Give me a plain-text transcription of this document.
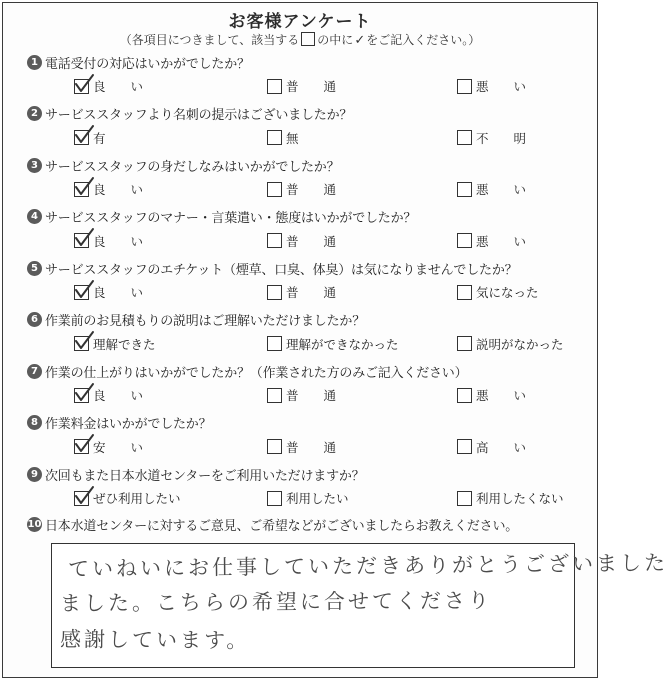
お客様アンケート
（各項目につきまして、該当する の中に✓をご記入ください。）
1 電話受付の対応はいかがでしたか？
良　　い	普　　通	悪　　い
2 サービススタッフより名刺の提示はございましたか？
有	無	不　　明
3 サービススタッフの身だしなみはいかがでしたか？
良　　い	普　　通	悪　　い
4 サービススタッフのマナー・言葉遣い・態度はいかがでしたか？
良　　い	普　　通	悪　　い
5 サービススタッフのエチケット（煙草、口臭、体臭）は気になりませんでしたか？
良　　い	普　　通	気になった
6 作業前のお見積もりの説明はご理解いただけましたか？
理解できた	理解ができなかった	説明がなかった
7 作業の仕上がりはいかがでしたか？（作業された方のみご記入ください）
良　　い	普　　通	悪　　い
8 作業料金はいかがでしたか？
安　　い	普　　通	高　　い
9 次回もまた日本水道センターをご利用いただけますか？
ぜひ利用したい	利用したい	利用したくない
10 日本水道センターに対するご意見、ご希望などがございましたらお教えください。
ていねいにお仕事していただきありがとうございました
ました。こちらの希望に合せてくださり
感謝しています。
